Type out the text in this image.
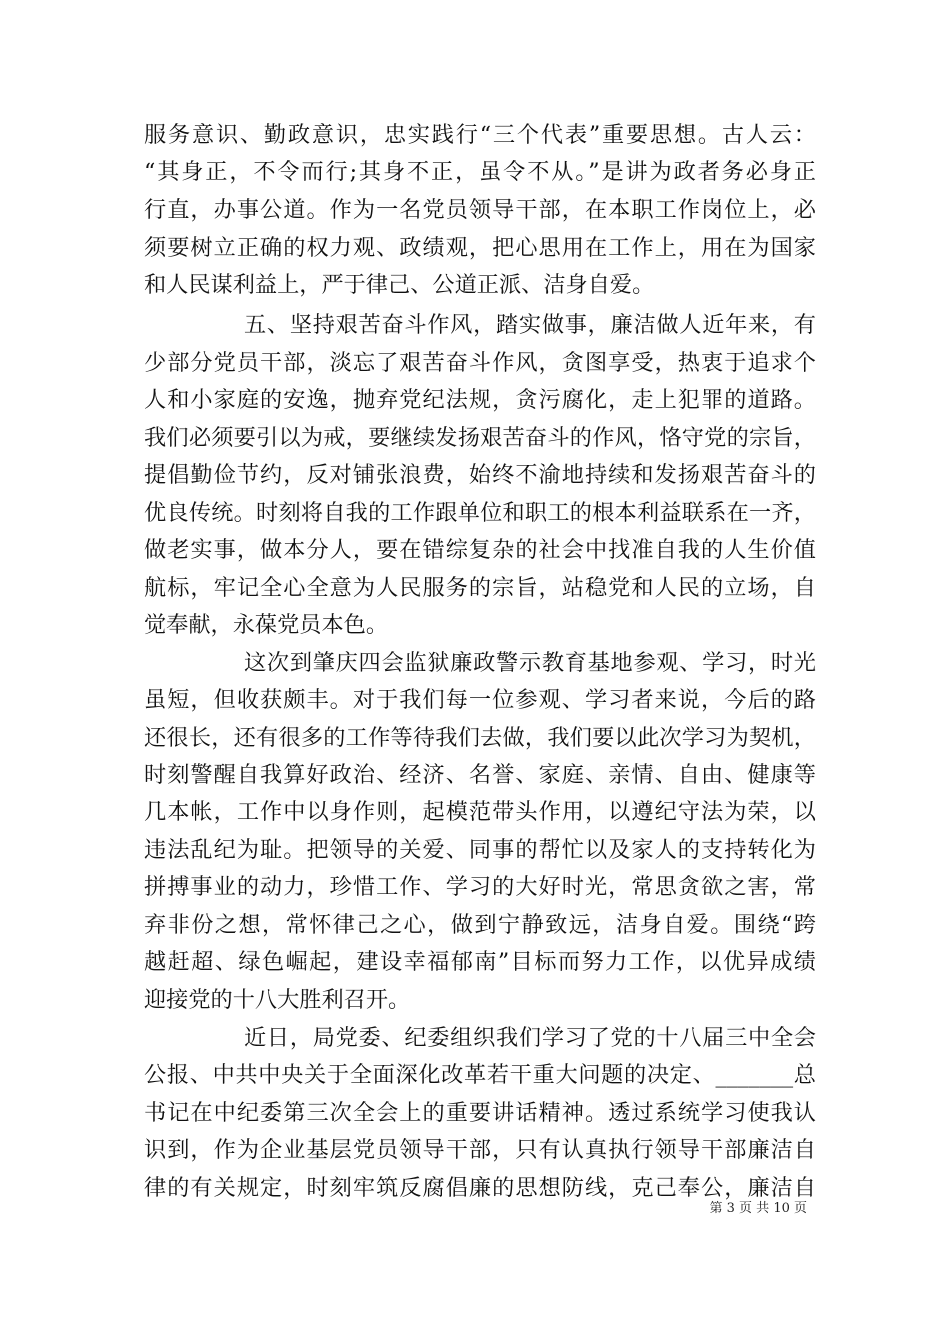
服务意识、勤政意识，忠实践行“三个代表”重要思想。古人云：
“其身正，不令而行;其身不正，虽令不从。”是讲为政者务必身正
行直，办事公道。作为一名党员领导干部，在本职工作岗位上，必
须要树立正确的权力观、政绩观，把心思用在工作上，用在为国家
和人民谋利益上，严于律己、公道正派、洁身自爱。
五、坚持艰苦奋斗作风，踏实做事，廉洁做人近年来，有
少部分党员干部，淡忘了艰苦奋斗作风，贪图享受，热衷于追求个
人和小家庭的安逸，抛弃党纪法规，贪污腐化，走上犯罪的道路。
我们必须要引以为戒，要继续发扬艰苦奋斗的作风，恪守党的宗旨，
提倡勤俭节约，反对铺张浪费，始终不渝地持续和发扬艰苦奋斗的
优良传统。时刻将自我的工作跟单位和职工的根本利益联系在一齐，
做老实事，做本分人，要在错综复杂的社会中找准自我的人生价值
航标，牢记全心全意为人民服务的宗旨，站稳党和人民的立场，自
觉奉献，永葆党员本色。
这次到肇庆四会监狱廉政警示教育基地参观、学习，时光
虽短，但收获颇丰。对于我们每一位参观、学习者来说，今后的路
还很长，还有很多的工作等待我们去做，我们要以此次学习为契机，
时刻警醒自我算好政治、经济、名誉、家庭、亲情、自由、健康等
几本帐，工作中以身作则，起模范带头作用，以遵纪守法为荣，以
违法乱纪为耻。把领导的关爱、同事的帮忙以及家人的支持转化为
拼搏事业的动力，珍惜工作、学习的大好时光，常思贪欲之害，常
弃非份之想，常怀律己之心，做到宁静致远，洁身自爱。围绕“跨
越赶超、绿色崛起，建设幸福郁南”目标而努力工作，以优异成绩
迎接党的十八大胜利召开。
近日，局党委、纪委组织我们学习了党的十八届三中全会
公报、中共中央关于全面深化改革若干重大问题的决定、_______总
书记在中纪委第三次全会上的重要讲话精神。透过系统学习使我认
识到，作为企业基层党员领导干部，只有认真执行领导干部廉洁自
律的有关规定，时刻牢筑反腐倡廉的思想防线，克己奉公，廉洁自
第 3 页 共 10 页
